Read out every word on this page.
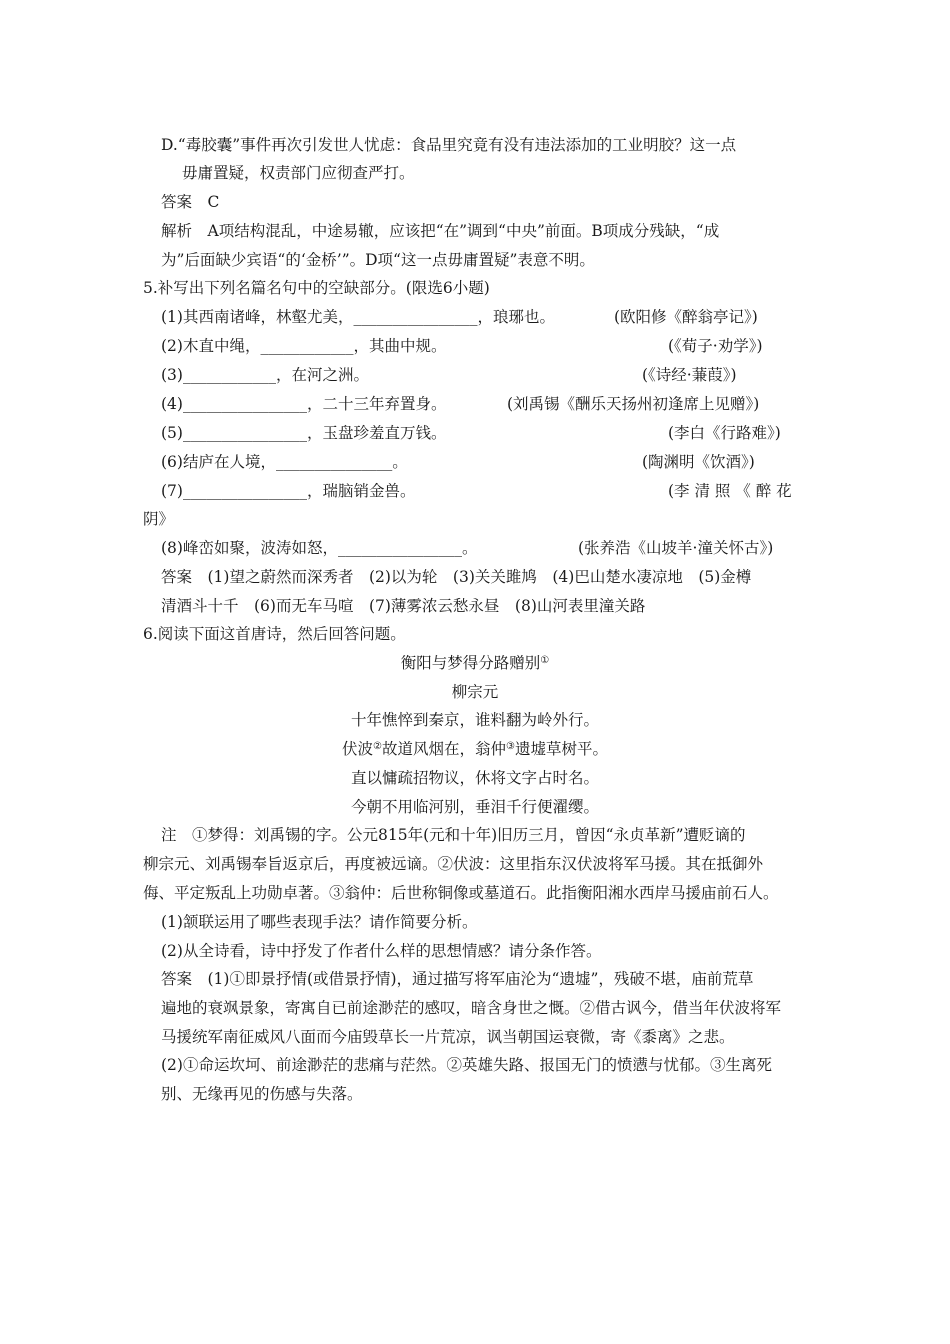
D.“毒胶囊”事件再次引发世人忧虑：食品里究竟有没有违法添加的工业明胶？这一点
毋庸置疑，权责部门应彻查严打。
答案　C
解析　A项结构混乱，中途易辙，应该把“在”调到“中央”前面。B项成分残缺，“成
为”后面缺少宾语“的‘金桥’”。D项“这一点毋庸置疑”表意不明。
5.补写出下列名篇名句中的空缺部分。(限选6小题)
(1)其西南诸峰，林壑尤美，________________，琅琊也。	(欧阳修《醉翁亭记》)
(2)木直中绳，____________，其曲中规。	(《荀子·劝学》)
(3)____________，在河之洲。	(《诗经·蒹葭》)
(4)________________，二十三年弃置身。	(刘禹锡《酬乐天扬州初逢席上见赠》)
(5)________________，玉盘珍羞直万钱。	(李白《行路难》)
(6)结庐在人境，_______________。	(陶渊明《饮酒》)
(7)________________，瑞脑销金兽。	(李 清 照 《 醉 花
阴》
(8)峰峦如聚，波涛如怒，________________。	(张养浩《山坡羊·潼关怀古》)
答案　(1)望之蔚然而深秀者　(2)以为轮　(3)关关雎鸠　(4)巴山楚水凄凉地　(5)金樽
清酒斗十千　(6)而无车马喧　(7)薄雾浓云愁永昼　(8)山河表里潼关路
6.阅读下面这首唐诗，然后回答问题。
衡阳与梦得分路赠别①
柳宗元
十年憔悴到秦京，谁料翻为岭外行。
伏波②故道风烟在，翁仲③遗墟草树平。
直以慵疏招物议，休将文字占时名。
今朝不用临河别，垂泪千行便濯缨。
注　①梦得：刘禹锡的字。公元815年(元和十年)旧历三月，曾因“永贞革新”遭贬谪的
柳宗元、刘禹锡奉旨返京后，再度被远谪。②伏波：这里指东汉伏波将军马援。其在抵御外
侮、平定叛乱上功勋卓著。③翁仲：后世称铜像或墓道石。此指衡阳湘水西岸马援庙前石人。
(1)颔联运用了哪些表现手法？请作简要分析。
(2)从全诗看，诗中抒发了作者什么样的思想情感？请分条作答。
答案　(1)①即景抒情(或借景抒情)，通过描写将军庙沦为“遗墟”，残破不堪，庙前荒草
遍地的衰飒景象，寄寓自已前途渺茫的感叹，暗含身世之慨。②借古讽今，借当年伏波将军
马援统军南征威风八面而今庙毁草长一片荒凉，讽当朝国运衰微，寄《黍离》之悲。
(2)①命运坎坷、前途渺茫的悲痛与茫然。②英雄失路、报国无门的愤懑与忧郁。③生离死
别、无缘再见的伤感与失落。
